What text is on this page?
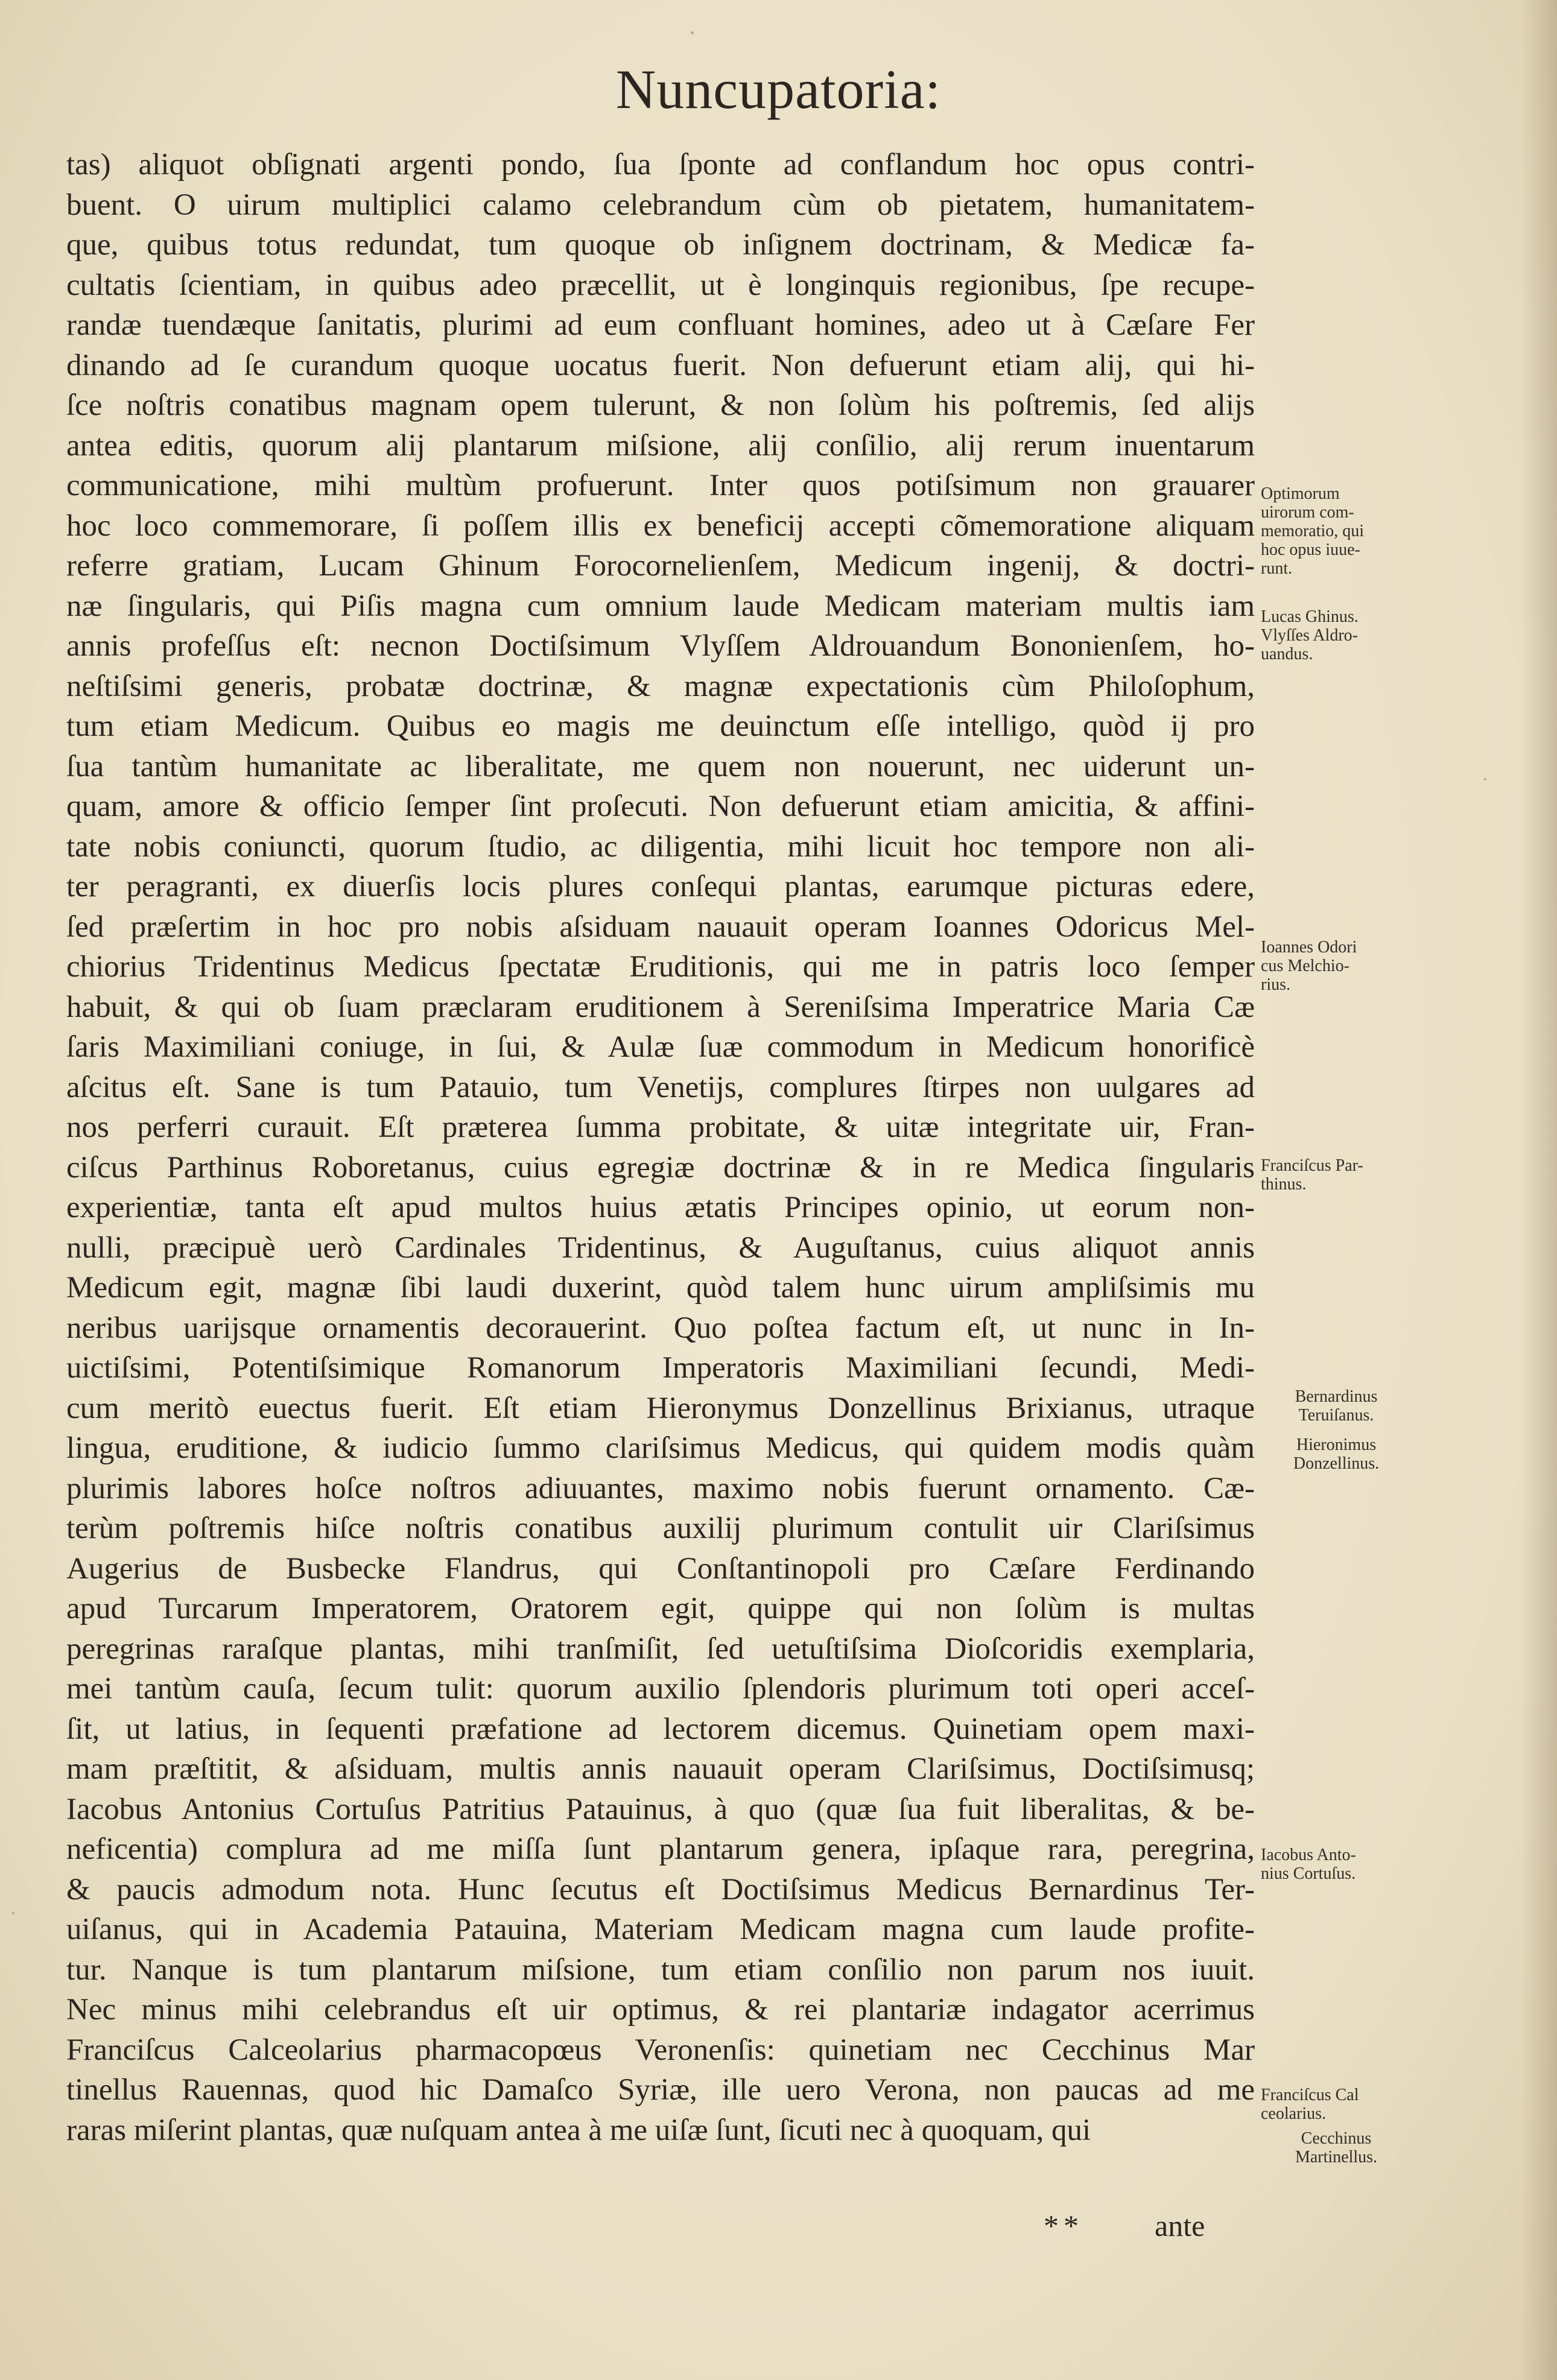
Nuncupatoria:
tas) aliquot obſignati argenti pondo, ſua ſponte ad conflandum hoc opus contri-
buent. O uirum multiplici calamo celebrandum cùm ob pietatem, humanitatem-
que, quibus totus redundat, tum quoque ob inſignem doctrinam, & Medicæ fa-
cultatis ſcientiam, in quibus adeo præcellit, ut è longinquis regionibus, ſpe recupe-
randæ tuendæque ſanitatis, plurimi ad eum confluant homines, adeo ut à Cæſare Fer
dinando ad ſe curandum quoque uocatus fuerit. Non defuerunt etiam alij, qui hi-
ſce noſtris conatibus magnam opem tulerunt, & non ſolùm his poſtremis, ſed alijs
antea editis, quorum alij plantarum miſsione, alij conſilio, alij rerum inuentarum
communicatione, mihi multùm profuerunt. Inter quos potiſsimum non grauarer
hoc loco commemorare, ſi poſſem illis ex beneficij accepti cõmemoratione aliquam
referre gratiam, Lucam Ghinum Forocornelienſem, Medicum ingenij, & doctri-
næ ſingularis, qui Piſis magna cum omnium laude Medicam materiam multis iam
annis profeſſus eſt: necnon Doctiſsimum Vlyſſem Aldrouandum Bononienſem, ho-
neſtiſsimi generis, probatæ doctrinæ, & magnæ expectationis cùm Philoſophum,
tum etiam Medicum. Quibus eo magis me deuinctum eſſe intelligo, quòd ij pro
ſua tantùm humanitate ac liberalitate, me quem non nouerunt, nec uiderunt un-
quam, amore & officio ſemper ſint proſecuti. Non defuerunt etiam amicitia, & affini-
tate nobis coniuncti, quorum ſtudio, ac diligentia, mihi licuit hoc tempore non ali-
ter peragranti, ex diuerſis locis plures conſequi plantas, earumque picturas edere,
ſed præſertim in hoc pro nobis aſsiduam nauauit operam Ioannes Odoricus Mel-
chiorius Tridentinus Medicus ſpectatæ Eruditionis, qui me in patris loco ſemper
habuit, & qui ob ſuam præclaram eruditionem à Sereniſsima Imperatrice Maria Cæ
ſaris Maximiliani coniuge, in ſui, & Aulæ ſuæ commodum in Medicum honorificè
aſcitus eſt. Sane is tum Patauio, tum Venetijs, complures ſtirpes non uulgares ad
nos perferri curauit. Eſt præterea ſumma probitate, & uitæ integritate uir, Fran-
ciſcus Parthinus Roboretanus, cuius egregiæ doctrinæ & in re Medica ſingularis
experientiæ, tanta eſt apud multos huius ætatis Principes opinio, ut eorum non-
nulli, præcipuè uerò Cardinales Tridentinus, & Auguſtanus, cuius aliquot annis
Medicum egit, magnæ ſibi laudi duxerint, quòd talem hunc uirum ampliſsimis mu
neribus uarijsque ornamentis decorauerint. Quo poſtea factum eſt, ut nunc in In-
uictiſsimi, Potentiſsimique Romanorum Imperatoris Maximiliani ſecundi, Medi-
cum meritò euectus fuerit. Eſt etiam Hieronymus Donzellinus Brixianus, utraque
lingua, eruditione, & iudicio ſummo clariſsimus Medicus, qui quidem modis quàm
plurimis labores hoſce noſtros adiuuantes, maximo nobis fuerunt ornamento. Cæ-
terùm poſtremis hiſce noſtris conatibus auxilij plurimum contulit uir Clariſsimus
Augerius de Busbecke Flandrus, qui Conſtantinopoli pro Cæſare Ferdinando
apud Turcarum Imperatorem, Oratorem egit, quippe qui non ſolùm is multas
peregrinas raraſque plantas, mihi tranſmiſit, ſed uetuſtiſsima Dioſcoridis exemplaria,
mei tantùm cauſa, ſecum tulit: quorum auxilio ſplendoris plurimum toti operi acceſ-
ſit, ut latius, in ſequenti præfatione ad lectorem dicemus. Quinetiam opem maxi-
mam præſtitit, & aſsiduam, multis annis nauauit operam Clariſsimus, Doctiſsimusq;
Iacobus Antonius Cortuſus Patritius Patauinus, à quo (quæ ſua fuit liberalitas, & be-
neficentia) complura ad me miſſa ſunt plantarum genera, ipſaque rara, peregrina,
& paucis admodum nota. Hunc ſecutus eſt Doctiſsimus Medicus Bernardinus Ter-
uiſanus, qui in Academia Patauina, Materiam Medicam magna cum laude profite-
tur. Nanque is tum plantarum miſsione, tum etiam conſilio non parum nos iuuit.
Nec minus mihi celebrandus eſt uir optimus, & rei plantariæ indagator acerrimus
Franciſcus Calceolarius pharmacopœus Veronenſis: quinetiam nec Cecchinus Mar
tinellus Rauennas, quod hic Damaſco Syriæ, ille uero Verona, non paucas ad me
raras miſerint plantas, quæ nuſquam antea à me uiſæ ſunt, ſicuti nec à quoquam, qui
Optimorum
uirorum com-
memoratio, qui
hoc opus iuue-
runt.
Lucas Ghinus.
Vlyſſes Aldro-
uandus.
Ioannes Odori
cus Melchio-
rius.
Franciſcus Par-
thinus.
Bernardinus
Teruiſanus.
Hieronimus
Donzellinus.
Iacobus Anto-
nius Cortuſus.
Franciſcus Cal
ceolarius.
Cecchinus
Martinellus.
** ante
